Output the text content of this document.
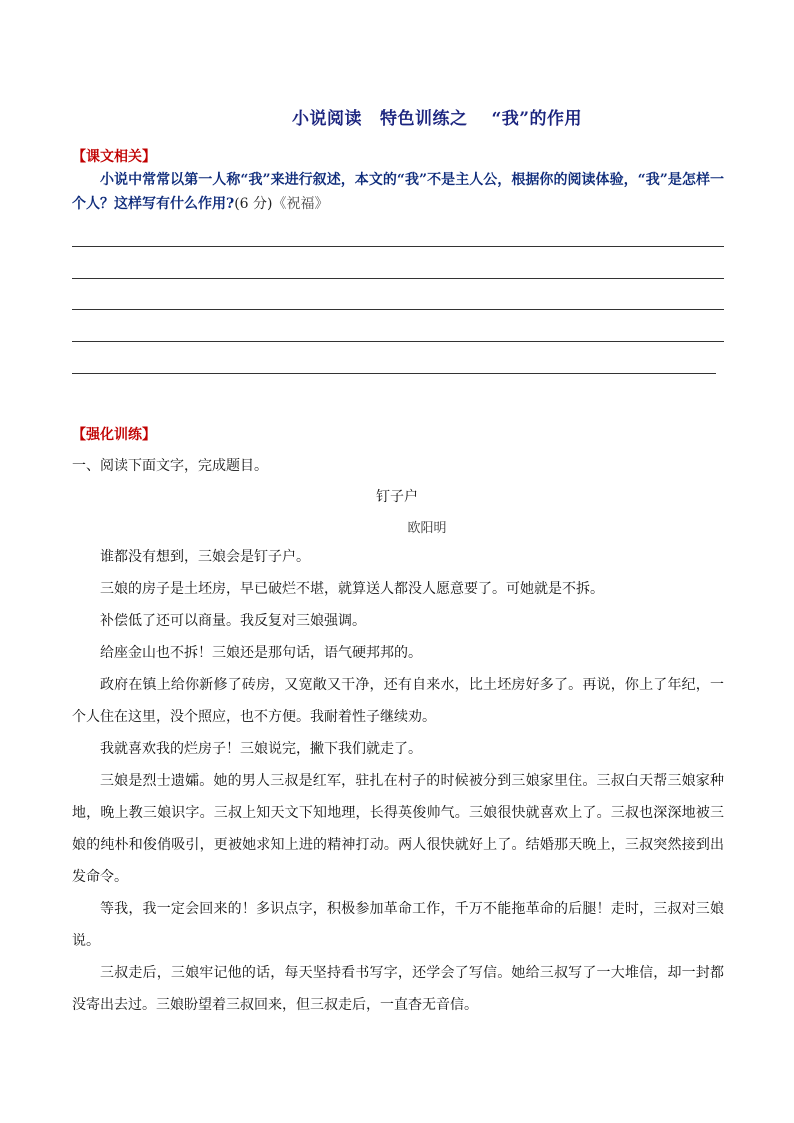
小说阅读 特色训练之 “我”的作用
【课文相关】
小说中常常以第一人称“我”来进行叙述，本文的“我”不是主人公，根据你的阅读体验，“我”是怎样一个人？这样写有什么作用?(6 分)《祝福》
【强化训练】
一、阅读下面文字，完成题目。
钉子户
欧阳明

谁都没有想到，三娘会是钉子户。

三娘的房子是土坯房，早已破烂不堪，就算送人都没人愿意要了。可她就是不拆。

补偿低了还可以商量。我反复对三娘强调。

给座金山也不拆！三娘还是那句话，语气硬邦邦的。

政府在镇上给你新修了砖房，又宽敞又干净，还有自来水，比土坯房好多了。再说，你上了年纪，一个人住在这里，没个照应，也不方便。我耐着性子继续劝。

我就喜欢我的烂房子！三娘说完，撇下我们就走了。

三娘是烈士遗孀。她的男人三叔是红军，驻扎在村子的时候被分到三娘家里住。三叔白天帮三娘家种地，晚上教三娘识字。三叔上知天文下知地理，长得英俊帅气。三娘很快就喜欢上了。三叔也深深地被三娘的纯朴和俊俏吸引，更被她求知上进的精神打动。两人很快就好上了。结婚那天晚上，三叔突然接到出发命令。

等我，我一定会回来的！多识点字，积极参加革命工作，千万不能拖革命的后腿！走时，三叔对三娘说。

三叔走后，三娘牢记他的话，每天坚持看书写字，还学会了写信。她给三叔写了一大堆信，却一封都没寄出去过。三娘盼望着三叔回来，但三叔走后，一直杳无音信。
